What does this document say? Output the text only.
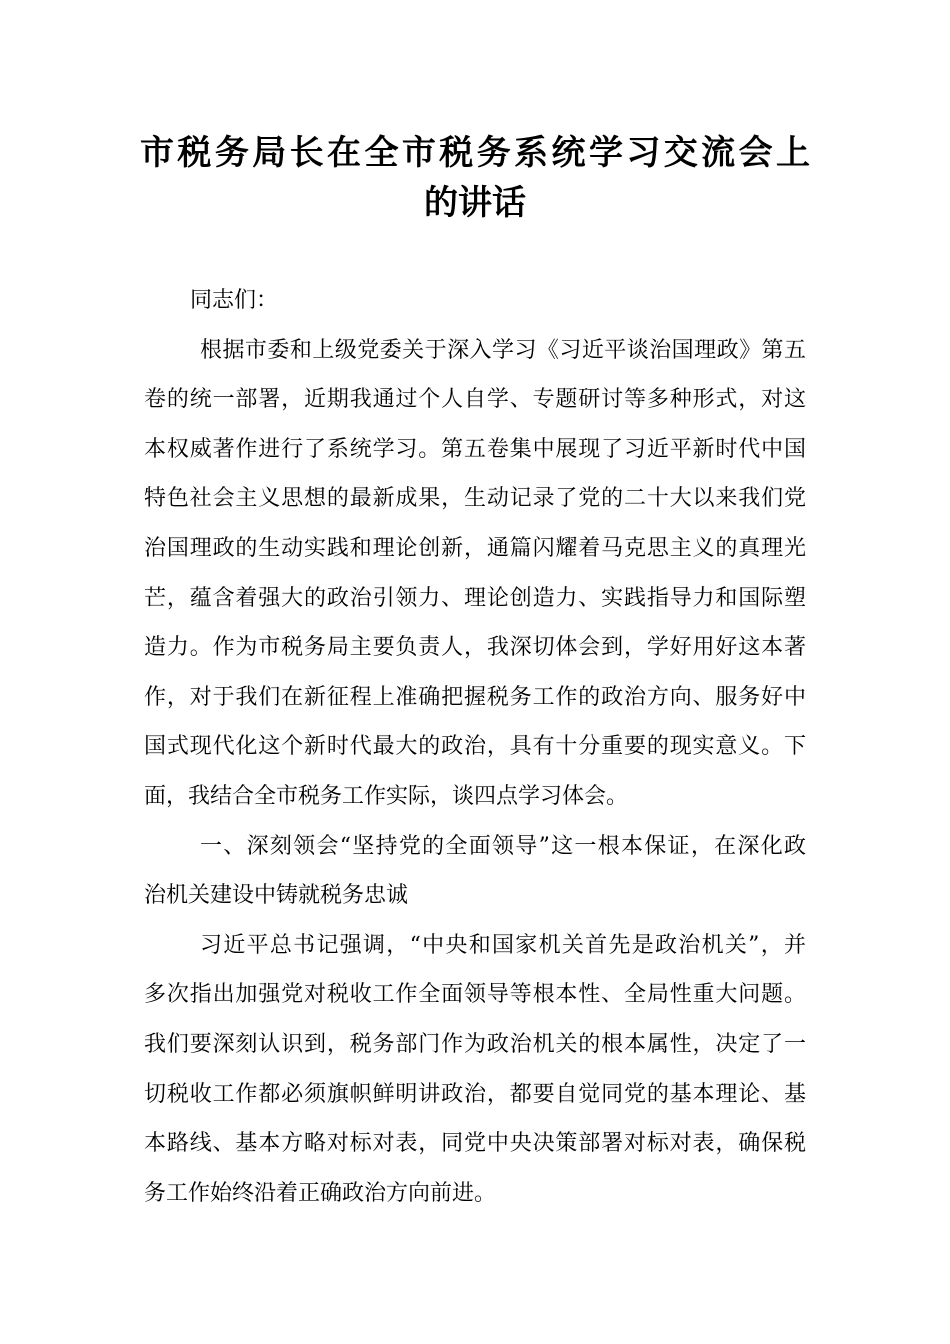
市税务局长在全市税务系统学习交流会上
的讲话
同志们：
根据市委和上级党委关于深入学习《习近平谈治国理政》第五
卷的统一部署，近期我通过个人自学、专题研讨等多种形式，对这
本权威著作进行了系统学习。第五卷集中展现了习近平新时代中国
特色社会主义思想的最新成果，生动记录了党的二十大以来我们党
治国理政的生动实践和理论创新，通篇闪耀着马克思主义的真理光
芒，蕴含着强大的政治引领力、理论创造力、实践指导力和国际塑
造力。作为市税务局主要负责人，我深切体会到，学好用好这本著
作，对于我们在新征程上准确把握税务工作的政治方向、服务好中
国式现代化这个新时代最大的政治，具有十分重要的现实意义。下
面，我结合全市税务工作实际，谈四点学习体会。
一、深刻领会“坚持党的全面领导”这一根本保证，在深化政
治机关建设中铸就税务忠诚
习近平总书记强调，“中央和国家机关首先是政治机关”，并
多次指出加强党对税收工作全面领导等根本性、全局性重大问题。
我们要深刻认识到，税务部门作为政治机关的根本属性，决定了一
切税收工作都必须旗帜鲜明讲政治，都要自觉同党的基本理论、基
本路线、基本方略对标对表，同党中央决策部署对标对表，确保税
务工作始终沿着正确政治方向前进。
